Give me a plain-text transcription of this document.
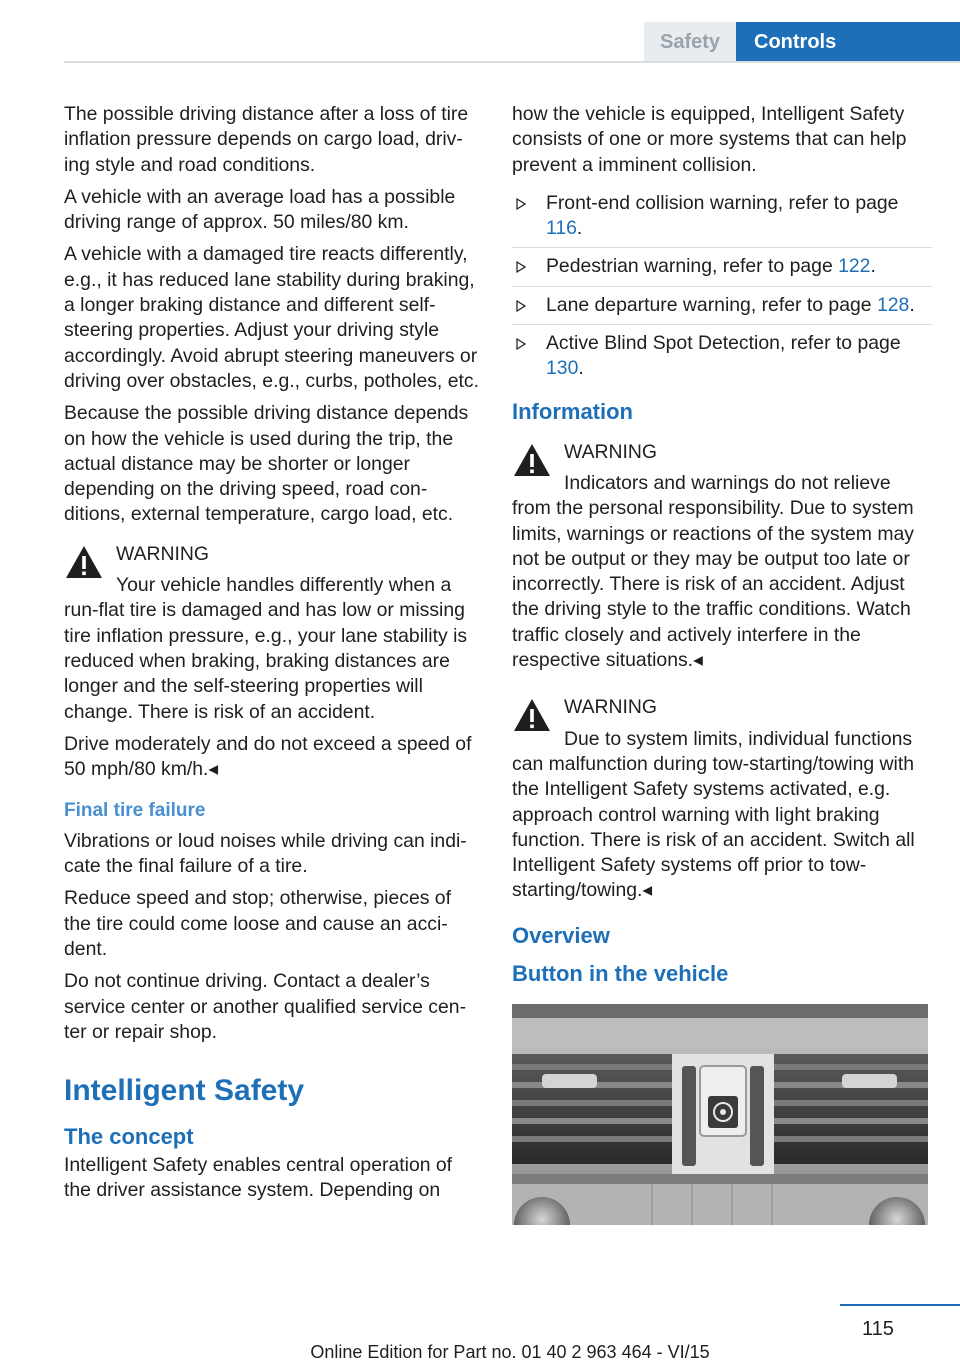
Safety	Controls

The possible driving distance after a loss of tire inflation pressure depends on cargo load, driving style and road conditions.

A vehicle with an average load has a possible driving range of approx. 50 miles/80 km.

A vehicle with a damaged tire reacts differently, e.g., it has reduced lane stability during braking, a longer braking distance and different self-steering properties. Adjust your driving style accordingly. Avoid abrupt steering maneuvers or driving over obstacles, e.g., curbs, potholes, etc.

Because the possible driving distance depends on how the vehicle is used during the trip, the actual distance may be shorter or longer depending on the driving speed, road conditions, external temperature, cargo load, etc.

WARNING
Your vehicle handles differently when a

run-flat tire is damaged and has low or missing tire inflation pressure, e.g., your lane stability is reduced when braking, braking distances are longer and the self-steering properties will change. There is risk of an accident.

Drive moderately and do not exceed a speed of 50 mph/80 km/h.◂

Final tire failure

Vibrations or loud noises while driving can indicate the final failure of a tire.

Reduce speed and stop; otherwise, pieces of the tire could come loose and cause an accident.

Do not continue driving. Contact a dealer’s service center or another qualified service center or repair shop.

Intelligent Safety
The concept

Intelligent Safety enables central operation of the driver assistance system. Depending on

how the vehicle is equipped, Intelligent Safety consists of one or more systems that can help prevent a imminent collision.

Front-end collision warning, refer to page 116.
Pedestrian warning, refer to page 122.
Lane departure warning, refer to page 128.
Active Blind Spot Detection, refer to page 130.
Information
WARNING
Indicators and warnings do not relieve

from the personal responsibility. Due to system limits, warnings or reactions of the system may not be output or they may be output too late or incorrectly. There is risk of an accident. Adjust the driving style to the traffic conditions. Watch traffic closely and actively interfere in the respective situations.◂

WARNING
Due to system limits, individual functions

can malfunction during tow-starting/towing with the Intelligent Safety systems activated, e.g. approach control warning with light braking function. There is risk of an accident. Switch all Intelligent Safety systems off prior to tow-starting/towing.◂

Overview
Button in the vehicle
115
Online Edition for Part no. 01 40 2 963 464 - VI/15
